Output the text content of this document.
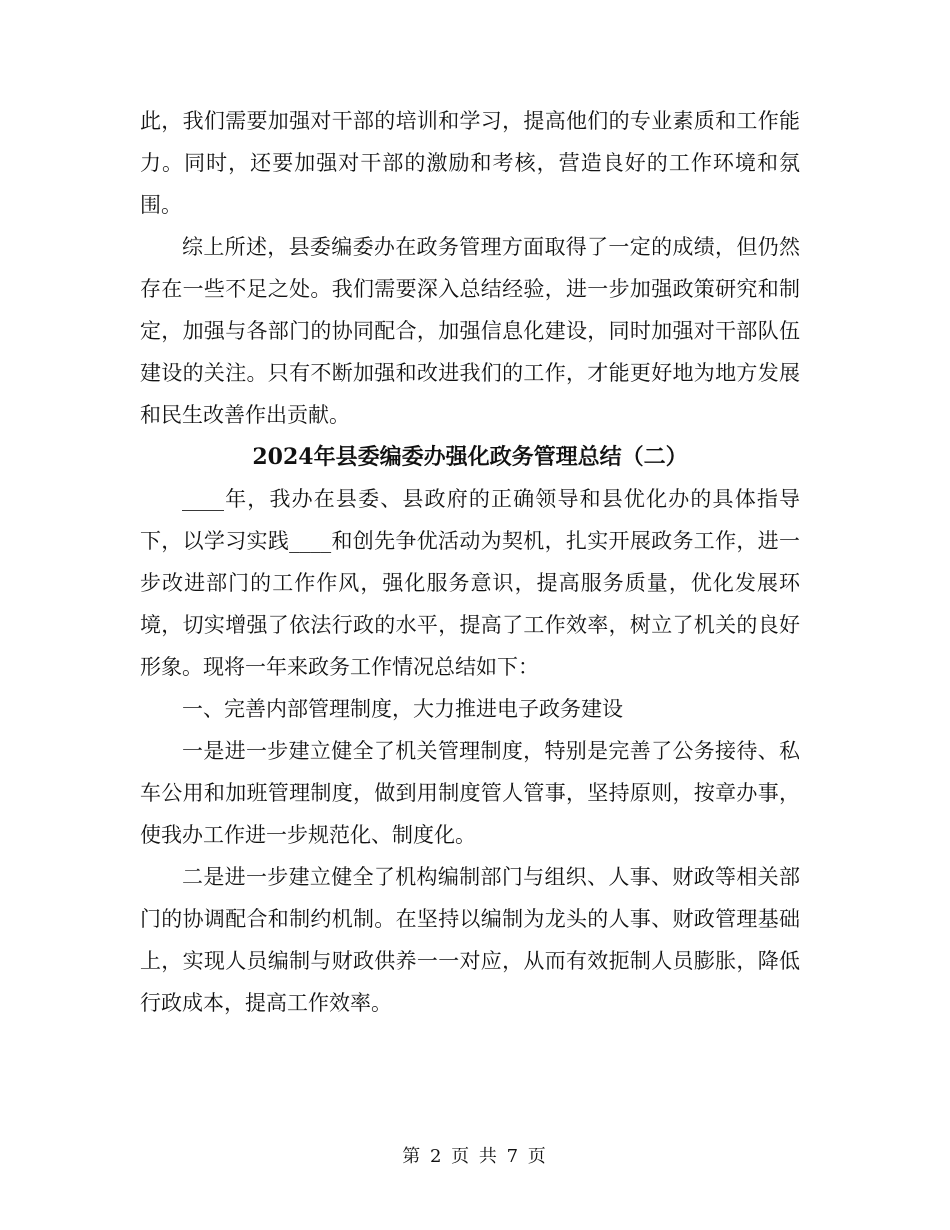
此，我们需要加强对干部的培训和学习，提高他们的专业素质和工作能力。同时，还要加强对干部的激励和考核，营造良好的工作环境和氛围。

综上所述，县委编委办在政务管理方面取得了一定的成绩，但仍然存在一些不足之处。我们需要深入总结经验，进一步加强政策研究和制定，加强与各部门的协同配合，加强信息化建设，同时加强对干部队伍建设的关注。只有不断加强和改进我们的工作，才能更好地为地方发展和民生改善作出贡献。

2024年县委编委办强化政务管理总结（二）

____年，我办在县委、县政府的正确领导和县优化办的具体指导下，以学习实践____和创先争优活动为契机，扎实开展政务工作，进一步改进部门的工作作风，强化服务意识，提高服务质量，优化发展环境，切实增强了依法行政的水平，提高了工作效率，树立了机关的良好形象。现将一年来政务工作情况总结如下：

一、完善内部管理制度，大力推进电子政务建设

一是进一步建立健全了机关管理制度，特别是完善了公务接待、私车公用和加班管理制度，做到用制度管人管事，坚持原则，按章办事，使我办工作进一步规范化、制度化。

二是进一步建立健全了机构编制部门与组织、人事、财政等相关部门的协调配合和制约机制。在坚持以编制为龙头的人事、财政管理基础上，实现人员编制与财政供养一一对应，从而有效扼制人员膨胀，降低行政成本，提高工作效率。

第 2 页 共 7 页
